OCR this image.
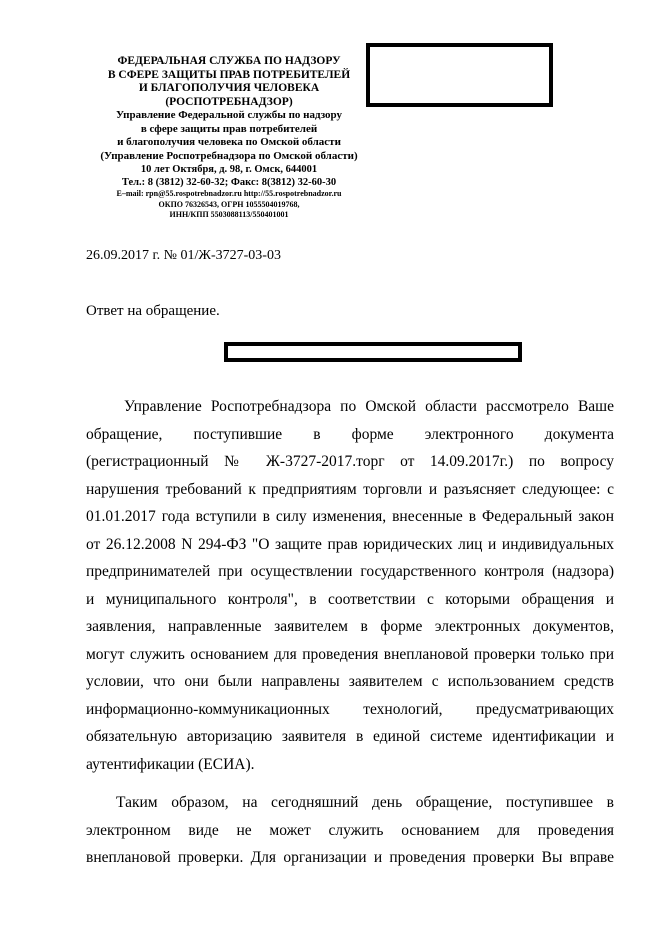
ФЕДЕРАЛЬНАЯ СЛУЖБА ПО НАДЗОРУ
В СФЕРЕ ЗАЩИТЫ ПРАВ ПОТРЕБИТЕЛЕЙ
И БЛАГОПОЛУЧИЯ ЧЕЛОВЕКА
(РОСПОТРЕБНАДЗОР)
Управление Федеральной службы по надзору
в сфере защиты прав потребителей
и благополучия человека по Омской области
(Управление Роспотребнадзора по Омской области)
10 лет Октября, д. 98, г. Омск, 644001
Тел.: 8 (3812) 32-60-32; Факс: 8(3812) 32-60-30
E–mail: rpn@55.rospotrebnadzor.ru http://55.rospotrebnadzor.ru
ОКПО 76326543, ОГРН 1055504019768,
ИНН/КПП 5503088113/550401001
26.09.2017 г. № 01/Ж-3727-03-03
Ответ на обращение.
Управление Роспотребнадзора по Омской области рассмотрело Ваше
обращение, поступившие в форме электронного документа
(регистрационный № Ж-3727-2017.торг от 14.09.2017г.) по вопросу
нарушения требований к предприятиям торговли и разъясняет следующее: с
01.01.2017 года вступили в силу изменения, внесенные в Федеральный закон
от 26.12.2008 N 294-ФЗ "О защите прав юридических лиц и индивидуальных
предпринимателей при осуществлении государственного контроля (надзора)
и муниципального контроля", в соответствии с которыми обращения и
заявления, направленные заявителем в форме электронных документов,
могут служить основанием для проведения внеплановой проверки только при
условии, что они были направлены заявителем с использованием средств
информационно-коммуникационных технологий, предусматривающих
обязательную авторизацию заявителя в единой системе идентификации и
аутентификации (ЕСИА).
Таким образом, на сегодняшний день обращение, поступившее в
электронном виде не может служить основанием для проведения
внеплановой проверки. Для организации и проведения проверки Вы вправе
